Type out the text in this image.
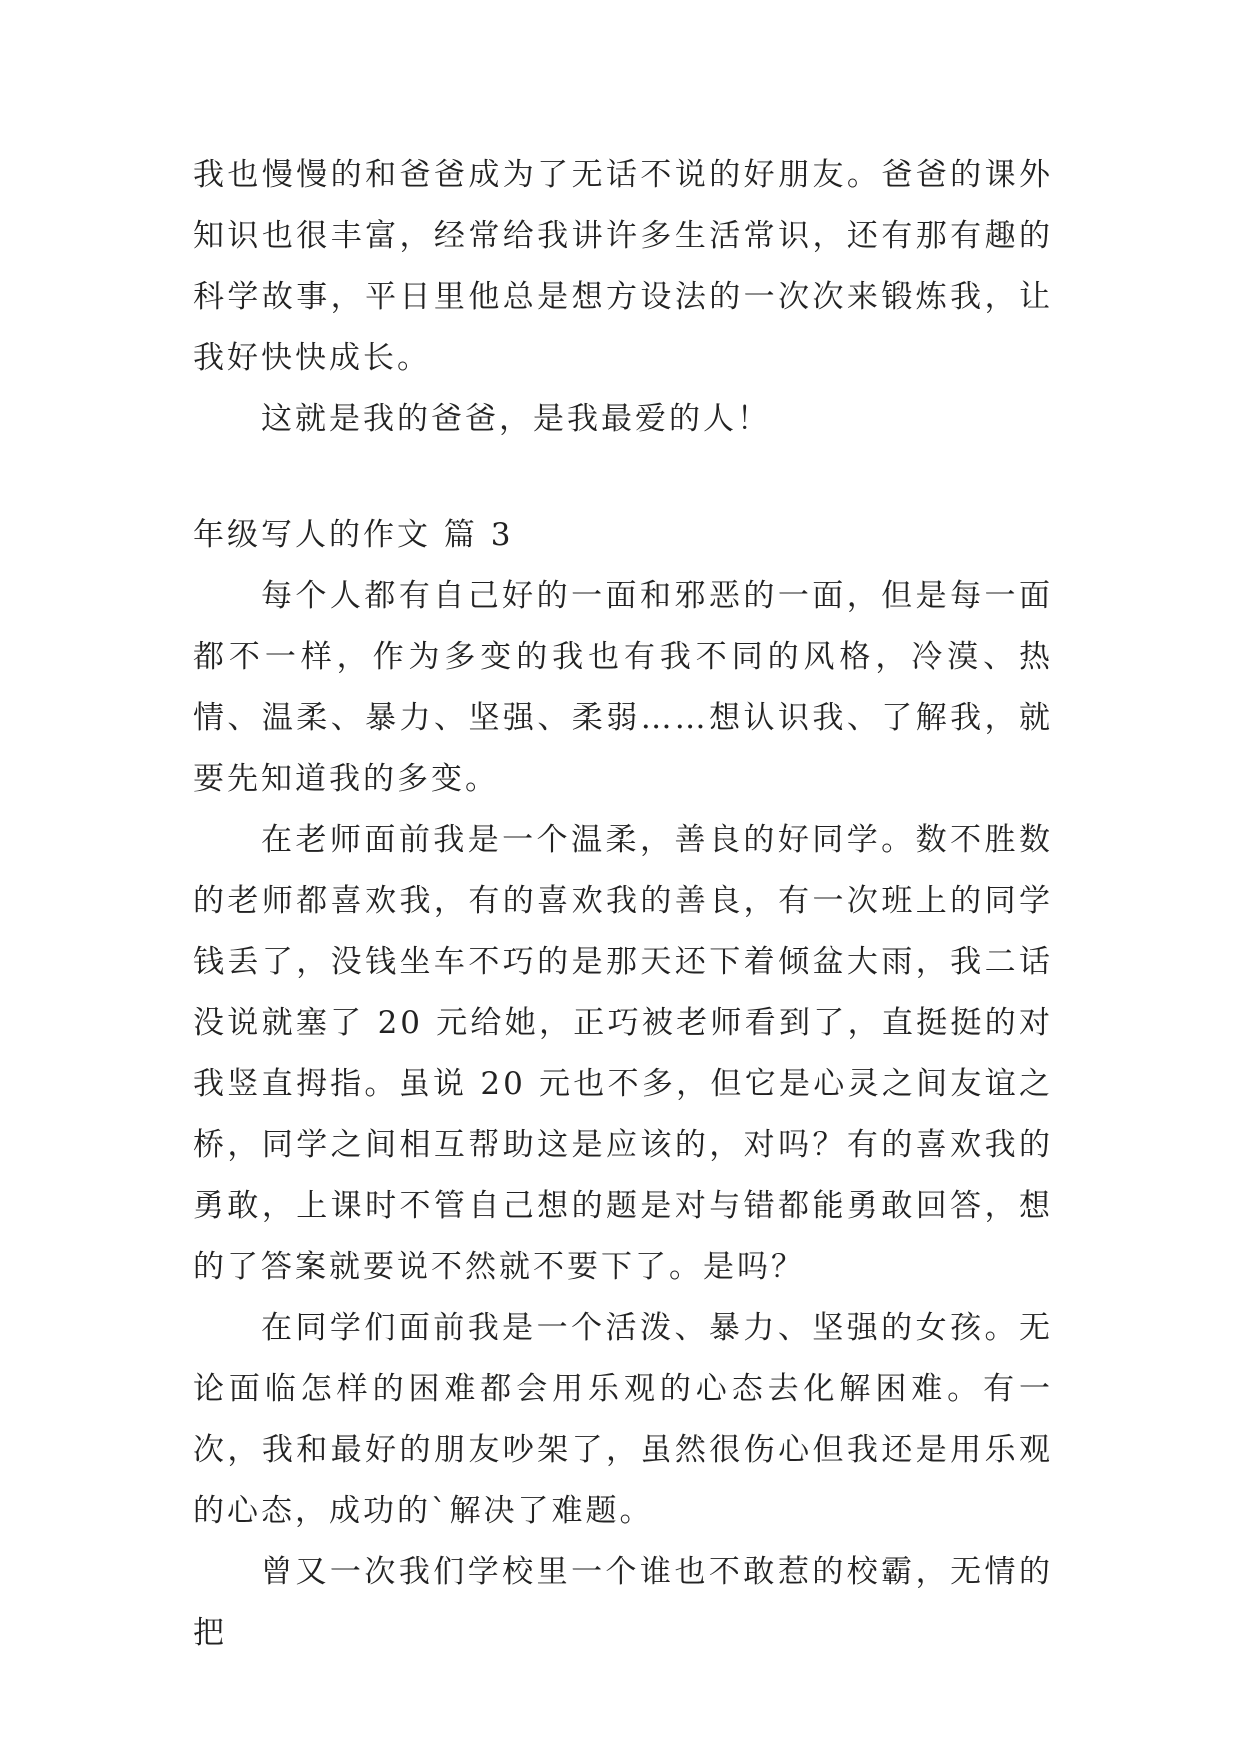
我也慢慢的和爸爸成为了无话不说的好朋友。爸爸的课外知识也很丰富，经常给我讲许多生活常识，还有那有趣的科学故事，平日里他总是想方设法的一次次来锻炼我，让我好快快成长。

这就是我的爸爸，是我最爱的人！

年级写人的作文 篇 3

每个人都有自己好的一面和邪恶的一面，但是每一面都不一样，作为多变的我也有我不同的风格，冷漠、热情、温柔、暴力、坚强、柔弱……想认识我、了解我，就要先知道我的多变。

在老师面前我是一个温柔，善良的好同学。数不胜数的老师都喜欢我，有的喜欢我的善良，有一次班上的同学钱丢了，没钱坐车不巧的是那天还下着倾盆大雨，我二话没说就塞了 20 元给她，正巧被老师看到了，直挺挺的对我竖直拇指。虽说 20 元也不多，但它是心灵之间友谊之桥，同学之间相互帮助这是应该的，对吗？有的喜欢我的勇敢，上课时不管自己想的题是对与错都能勇敢回答，想的了答案就要说不然就不要下了。是吗？

在同学们面前我是一个活泼、暴力、坚强的女孩。无论面临怎样的困难都会用乐观的心态去化解困难。有一次，我和最好的朋友吵架了，虽然很伤心但我还是用乐观的心态，成功的`解决了难题。

曾又一次我们学校里一个谁也不敢惹的校霸，无情的把
